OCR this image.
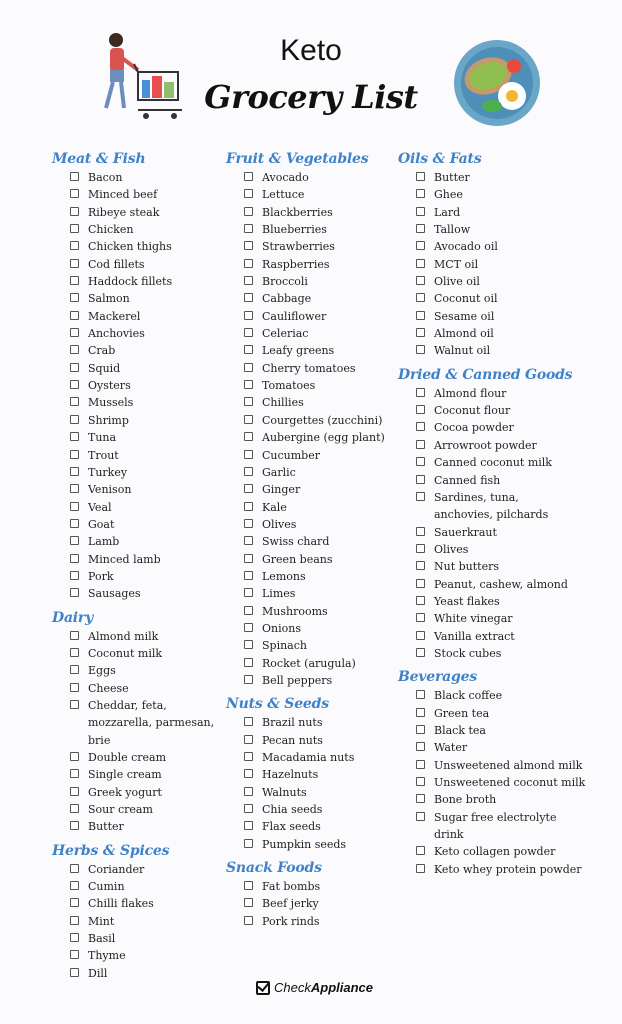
Keto
Grocery List
Meat & Fish
Bacon
Minced beef
Ribeye steak
Chicken
Chicken thighs
Cod fillets
Haddock fillets
Salmon
Mackerel
Anchovies
Crab
Squid
Oysters
Mussels
Shrimp
Tuna
Trout
Turkey
Venison
Veal
Goat
Lamb
Minced lamb
Pork
Sausages
Dairy
Almond milk
Coconut milk
Eggs
Cheese
Cheddar, feta, mozzarella, parmesan, brie
Double cream
Single cream
Greek yogurt
Sour cream
Butter
Herbs & Spices
Coriander
Cumin
Chilli flakes
Mint
Basil
Thyme
Dill
Fruit & Vegetables
Avocado
Lettuce
Blackberries
Blueberries
Strawberries
Raspberries
Broccoli
Cabbage
Cauliflower
Celeriac
Leafy greens
Cherry tomatoes
Tomatoes
Chillies
Courgettes (zucchini)
Aubergine (egg plant)
Cucumber
Garlic
Ginger
Kale
Olives
Swiss chard
Green beans
Lemons
Limes
Mushrooms
Onions
Spinach
Rocket (arugula)
Bell peppers
Nuts & Seeds
Brazil nuts
Pecan nuts
Macadamia nuts
Hazelnuts
Walnuts
Chia seeds
Flax seeds
Pumpkin seeds
Snack Foods
Fat bombs
Beef jerky
Pork rinds
Oils & Fats
Butter
Ghee
Lard
Tallow
Avocado oil
MCT oil
Olive oil
Coconut oil
Sesame oil
Almond oil
Walnut oil
Dried & Canned Goods
Almond flour
Coconut flour
Cocoa powder
Arrowroot powder
Canned coconut milk
Canned fish
Sardines, tuna, anchovies, pilchards
Sauerkraut
Olives
Nut butters
Peanut, cashew, almond
Yeast flakes
White vinegar
Vanilla extract
Stock cubes
Beverages
Black coffee
Green tea
Black tea
Water
Unsweetened almond milk
Unsweetened coconut milk
Bone broth
Sugar free electrolyte drink
Keto collagen powder
Keto whey protein powder
Check Appliance
